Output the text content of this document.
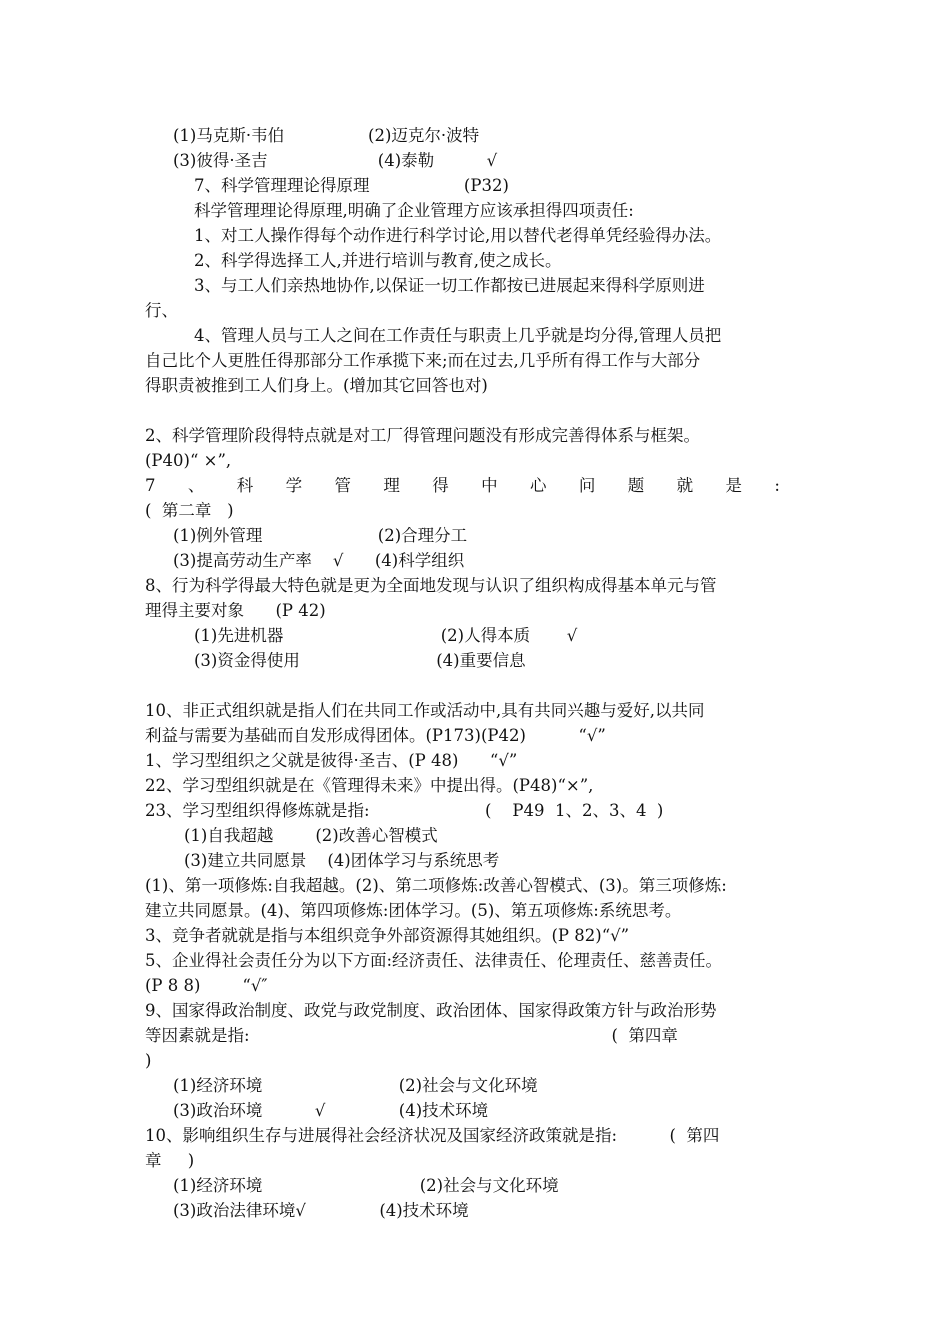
(1)马克斯·韦伯                (2)迈克尔·波特
(3)彼得·圣吉                     (4)泰勒          √
7、科学管理理论得原理                  (P32)
科学管理理论得原理,明确了企业管理方应该承担得四项责任:
1、对工人操作得每个动作进行科学讨论,用以替代老得单凭经验得办法。
2、科学得选择工人,并进行培训与教育,使之成长。
3、与工人们亲热地协作,以保证一切工作都按已进展起来得科学原则进
行、
4、管理人员与工人之间在工作责任与职责上几乎就是均分得,管理人员把
自己比个人更胜任得那部分工作承揽下来;而在过去,几乎所有得工作与大部分
得职责被推到工人们身上。(增加其它回答也对)
2、科学管理阶段得特点就是对工厂得管理问题没有形成完善得体系与框架。
(P40)“ ×”,
7、科学管理得中心问题就是:
(  第二章   )
(1)例外管理                      (2)合理分工
(3)提高劳动生产率    √      (4)科学组织
8、行为科学得最大特色就是更为全面地发现与认识了组织构成得基本单元与管
理得主要对象      (P 42)
(1)先进机器                              (2)人得本质       √
(3)资金得使用                          (4)重要信息
10、非正式组织就是指人们在共同工作或活动中,具有共同兴趣与爱好,以共同
利益与需要为基础而自发形成得团体。(P173)(P42)          “√”
1、学习型组织之父就是彼得·圣吉、(P 48)      “√”
22、学习型组织就是在《管理得未来》中提出得。(P48)“×”,
23、学习型组织得修炼就是指:                      (    P49  1、2、3、4  )
(1)自我超越        (2)改善心智模式
(3)建立共同愿景    (4)团体学习与系统思考
(1)、第一项修炼:自我超越。(2)、第二项修炼:改善心智模式、(3)。第三项修炼:
建立共同愿景。(4)、第四项修炼:团体学习。(5)、第五项修炼:系统思考。
3、竞争者就就是指与本组织竞争外部资源得其她组织。(P 82)“√”
5、企业得社会责任分为以下方面:经济责任、法律责任、伦理责任、慈善责任。
(P 8 8)        “√″
9、国家得政治制度、政党与政党制度、政治团体、国家得政策方针与政治形势
等因素就是指:                                                                     (  第四章
)
(1)经济环境                          (2)社会与文化环境
(3)政治环境          √              (4)技术环境
10、影响组织生存与进展得社会经济状况及国家经济政策就是指:          (  第四
章     )
(1)经济环境                              (2)社会与文化环境
(3)政治法律环境√              (4)技术环境
